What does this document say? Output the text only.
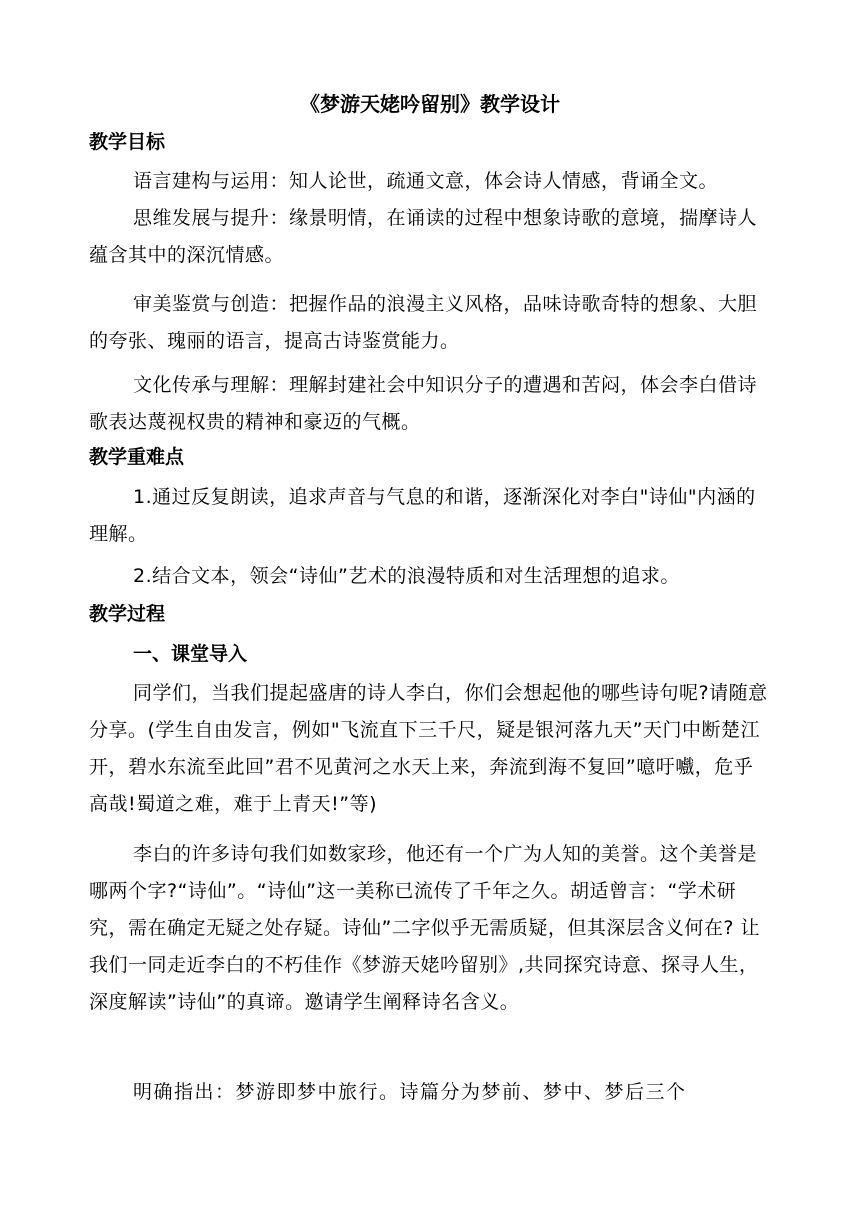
《梦游天姥吟留别》教学设计
教学目标
语言建构与运用：知人论世，疏通文意，体会诗人情感，背诵全文。
思维发展与提升：缘景明情，在诵读的过程中想象诗歌的意境，揣摩诗人蕴含其中的深沉情感。
审美鉴赏与创造：把握作品的浪漫主义风格，品味诗歌奇特的想象、大胆的夸张、瑰丽的语言，提高古诗鉴赏能力。
文化传承与理解：理解封建社会中知识分子的遭遇和苦闷，体会李白借诗歌表达蔑视权贵的精神和豪迈的气概。
教学重难点
1.通过反复朗读，追求声音与气息的和谐，逐渐深化对李白"诗仙"内涵的理解。
2.结合文本，领会“诗仙”艺术的浪漫特质和对生活理想的追求。
教学过程
一、课堂导入
同学们，当我们提起盛唐的诗人李白，你们会想起他的哪些诗句呢?请随意分享。(学生自由发言，例如"飞流直下三千尺，疑是银河落九天”天门中断楚江开，碧水东流至此回”君不见黄河之水天上来，奔流到海不复回”噫吁嚱，危乎高哉!蜀道之难，难于上青天!”等)
李白的许多诗句我们如数家珍，他还有一个广为人知的美誉。这个美誉是哪两个字?“诗仙”。“诗仙”这一美称已流传了千年之久。胡适曾言：“学术研究，需在确定无疑之处存疑。诗仙”二字似乎无需质疑，但其深层含义何在? 让我们一同走近李白的不朽佳作《梦游天姥吟留别》,共同探究诗意、探寻人生，深度解读”诗仙”的真谛。邀请学生阐释诗名含义。
明确指出：梦游即梦中旅行。诗篇分为梦前、梦中、梦后三个
